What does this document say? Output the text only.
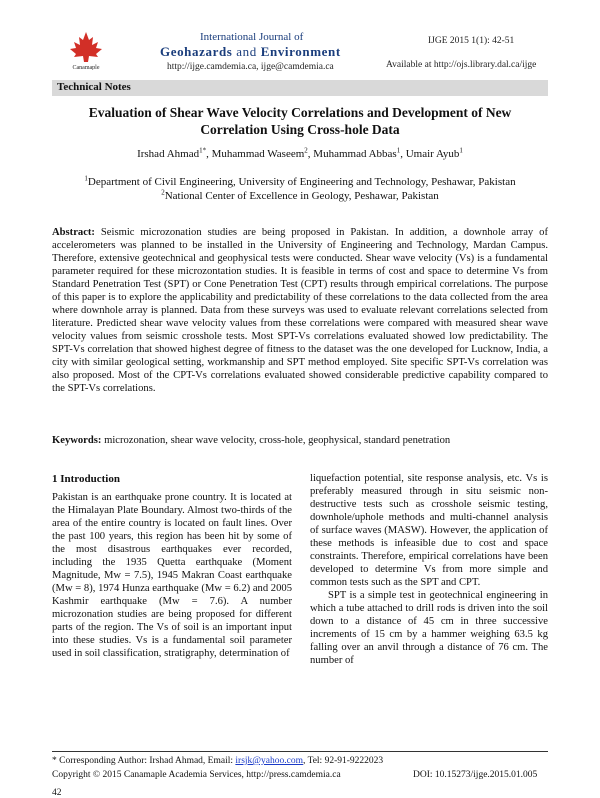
Canamaple
International Journal of
Geohazards and Environment
http://ijge.camdemia.ca, ijge@camdemia.ca
IJGE 2015 1(1): 42-51
Available at http://ojs.library.dal.ca/ijge
Technical Notes
Evaluation of Shear Wave Velocity Correlations and Development of New Correlation Using Cross-hole Data
Irshad Ahmad$^{1*}$, Muhammad Waseem$^2$, Muhammad Abbas$^1$, Umair Ayub$^1$
$^1$Department of Civil Engineering, University of Engineering and Technology, Peshawar, Pakistan
$^2$National Center of Excellence in Geology, Peshawar, Pakistan
Abstract: Seismic microzonation studies are being proposed in Pakistan. In addition, a downhole array of accelerometers was planned to be installed in the University of Engineering and Technology, Mardan Campus. Therefore, extensive geotechnical and geophysical tests were conducted. Shear wave velocity (Vs) is a fundamental parameter required for these microzontation studies. It is feasible in terms of cost and space to determine Vs from Standard Penetration Test (SPT) or Cone Penetration Test (CPT) results through empirical correlations. The purpose of this paper is to explore the applicability and predictability of these correlations to the data collected from the area where downhole array is planned. Data from these surveys was used to evaluate relevant correlations selected from literature. Predicted shear wave velocity values from these correlations were compared with measured shear wave velocity values from seismic crosshole tests. Most SPT-Vs correlations evaluated showed low predictability. The SPT-Vs correlation that showed highest degree of fitness to the dataset was the one developed for Lucknow, India, a city with similar geological setting, workmanship and SPT method employed. Site specific SPT-Vs correlation was also proposed. Most of the CPT-Vs correlations evaluated showed considerable predictive capability compared to the SPT-Vs correlations.
Keywords: microzonation, shear wave velocity, cross-hole, geophysical, standard penetration
1 Introduction
Pakistan is an earthquake prone country. It is located at the Himalayan Plate Boundary. Almost two-thirds of the area of the entire country is located on fault lines. Over the past 100 years, this region has been hit by some of the most disastrous earthquakes ever recorded, including the 1935 Quetta earthquake (Moment Magnitude, Mw = 7.5), 1945 Makran Coast earthquake (Mw = 8), 1974 Hunza earthquake (Mw = 6.2) and 2005 Kashmir earthquake (Mw = 7.6). A number microzonation studies are being proposed for different parts of the region. The Vs of soil is an important input into these studies. Vs is a fundamental soil parameter used in soil classification, stratigraphy, determination of
liquefaction potential, site response analysis, etc. Vs is preferably measured through in situ seismic non-destructive tests such as crosshole seismic testing, downhole/uphole methods and multi-channel analysis of surface waves (MASW). However, the application of these methods is infeasible due to cost and space constraints. Therefore, empirical correlations have been developed to determine Vs from more simple and common tests such as the SPT and CPT.
SPT is a simple test in geotechnical engineering in which a tube attached to drill rods is driven into the soil down to a distance of 45 cm in three successive increments of 15 cm by a hammer weighing 63.5 kg falling over an anvil through a distance of 76 cm. The number of
* Corresponding Author: Irshad Ahmad, Email: irsjk@yahoo.com, Tel: 92-91-9222023
Copyright © 2015 Canamaple Academia Services, http://press.camdemia.ca	DOI: 10.15273/ijge.2015.01.005
42
